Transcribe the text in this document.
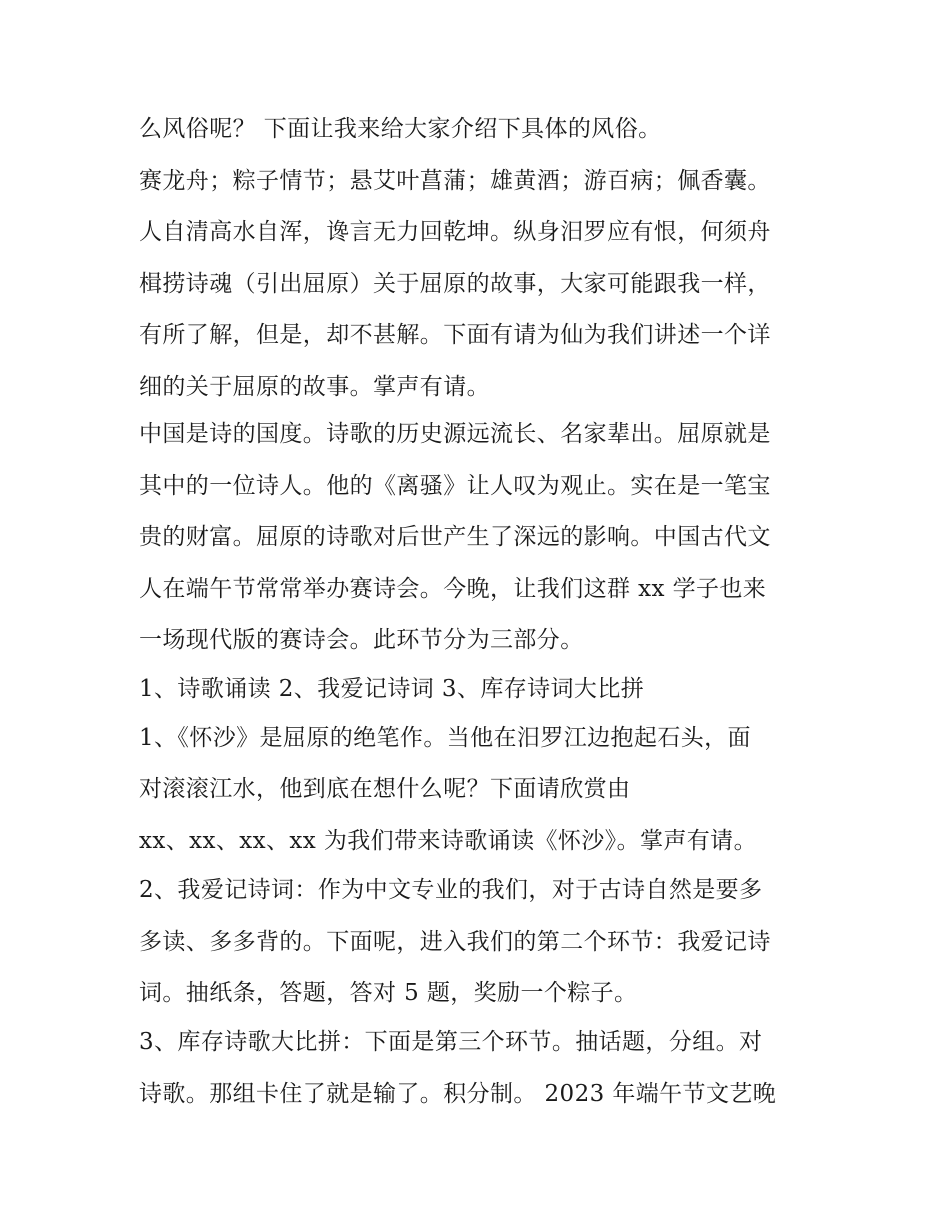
么风俗呢？ 下面让我来给大家介绍下具体的风俗。
赛龙舟；粽子情节；悬艾叶菖蒲；雄黄酒；游百病；佩香囊。
人自清高水自浑，谗言无力回乾坤。纵身汨罗应有恨，何须舟
楫捞诗魂（引出屈原）关于屈原的故事，大家可能跟我一样，
有所了解，但是，却不甚解。下面有请为仙为我们讲述一个详
细的关于屈原的故事。掌声有请。
中国是诗的国度。诗歌的历史源远流长、名家辈出。屈原就是
其中的一位诗人。他的《离骚》让人叹为观止。实在是一笔宝
贵的财富。屈原的诗歌对后世产生了深远的影响。中国古代文
人在端午节常常举办赛诗会。今晚，让我们这群 xx 学子也来
一场现代版的赛诗会。此环节分为三部分。
1、诗歌诵读 2、我爱记诗词 3、库存诗词大比拼
1、《怀沙》是屈原的绝笔作。当他在汨罗江边抱起石头，面
对滚滚江水，他到底在想什么呢？下面请欣赏由
xx、xx、xx、xx 为我们带来诗歌诵读《怀沙》。掌声有请。
2、我爱记诗词：作为中文专业的我们，对于古诗自然是要多
多读、多多背的。下面呢，进入我们的第二个环节：我爱记诗
词。抽纸条，答题，答对 5 题，奖励一个粽子。
3、库存诗歌大比拼：下面是第三个环节。抽话题，分组。对
诗歌。那组卡住了就是输了。积分制。 2023 年端午节文艺晚
